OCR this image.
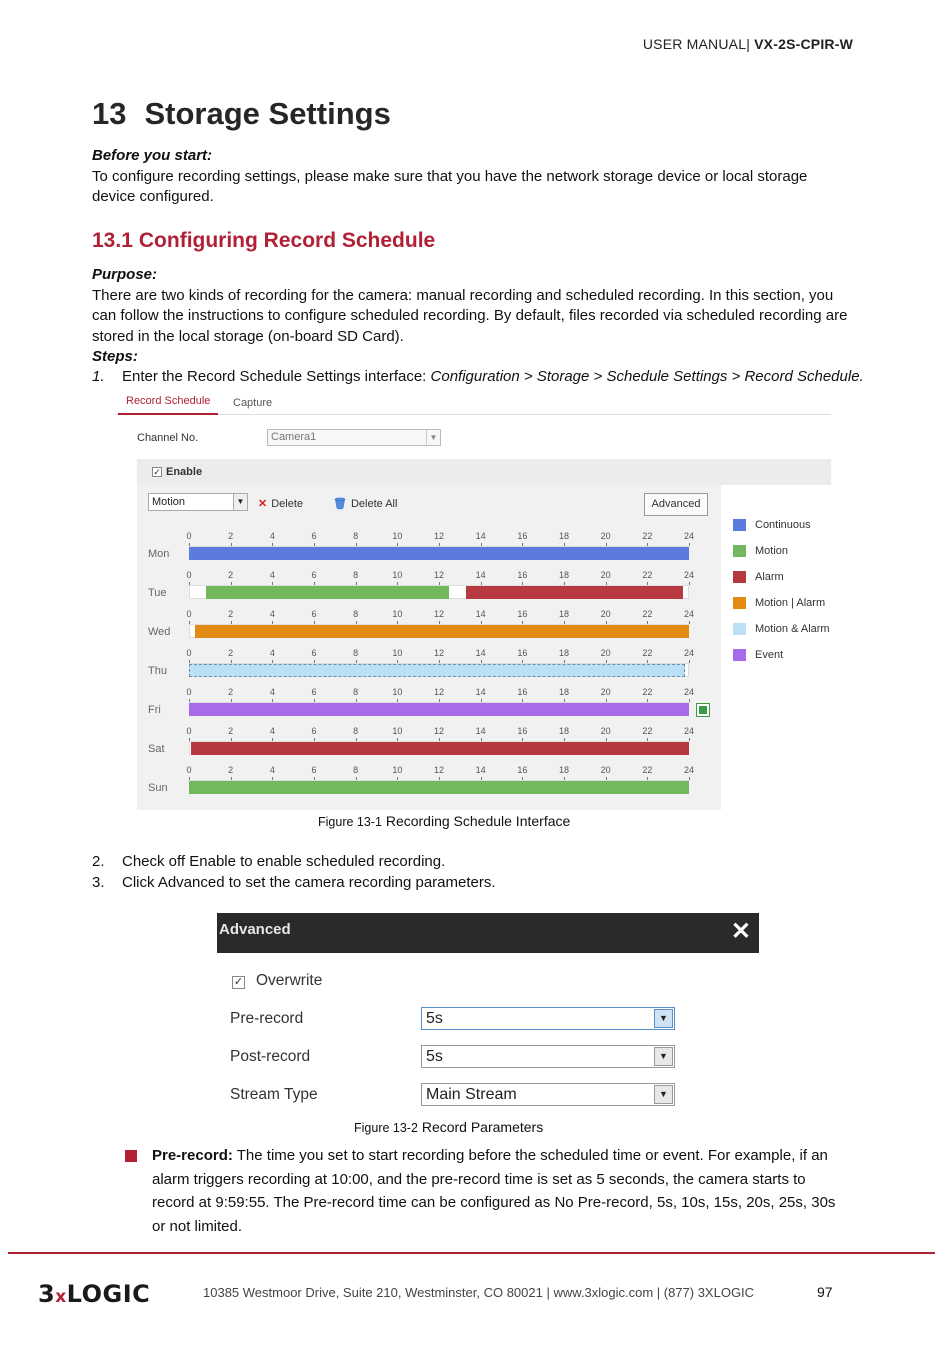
USER MANUAL| VX-2S-CPIR-W
13 Storage Settings
Before you start:
To configure recording settings, please make sure that you have the network storage device or local storage device configured.
13.1 Configuring Record Schedule
Purpose:
There are two kinds of recording for the camera: manual recording and scheduled recording. In this section, you can follow the instructions to configure scheduled recording. By default, files recorded via scheduled recording are stored in the local storage (on-board SD Card).
Steps:
1. Enter the Record Schedule Settings interface: Configuration > Storage > Schedule Settings > Record Schedule.
Record Schedule	Capture
Channel No.	Camera1	▼
✓ Enable
Motion	▼ ✕ Delete	🗑 Delete All	Advanced
Mon
0	2	4	6	8	10	12	14	16	18	20	22	24
Tue
0	2	4	6	8	10	12	14	16	18	20	22	24
Wed
0	2	4	6	8	10	12	14	16	18	20	22	24
Thu
0	2	4	6	8	10	12	14	16	18	20	22	24
Fri
0	2	4	6	8	10	12	14	16	18	20	22	24
Sat
0	2	4	6	8	10	12	14	16	18	20	22	24
Sun
0	2	4	6	8	10	12	14	16	18	20	22	24
Continuous
Motion
Alarm
Motion | Alarm
Motion & Alarm
Event
Figure 13-1 Recording Schedule Interface
2. Check off Enable to enable scheduled recording.
3. Click Advanced to set the camera recording parameters.
Advanced	✕
✓ Overwrite
Pre-record	5s	▼
Post-record	5s	▼
Stream Type	Main Stream	▼
Figure 13-2 Record Parameters
Pre-record: The time you set to start recording before the scheduled time or event. For example, if an alarm triggers recording at 10:00, and the pre-record time is set as 5 seconds, the camera starts to record at 9:59:55. The Pre-record time can be configured as No Pre-record, 5s, 10s, 15s, 20s, 25s, 30s or not limited.
3xLOGIC	10385 Westmoor Drive, Suite 210, Westminster, CO 80021 | www.3xlogic.com | (877) 3XLOGIC	97
